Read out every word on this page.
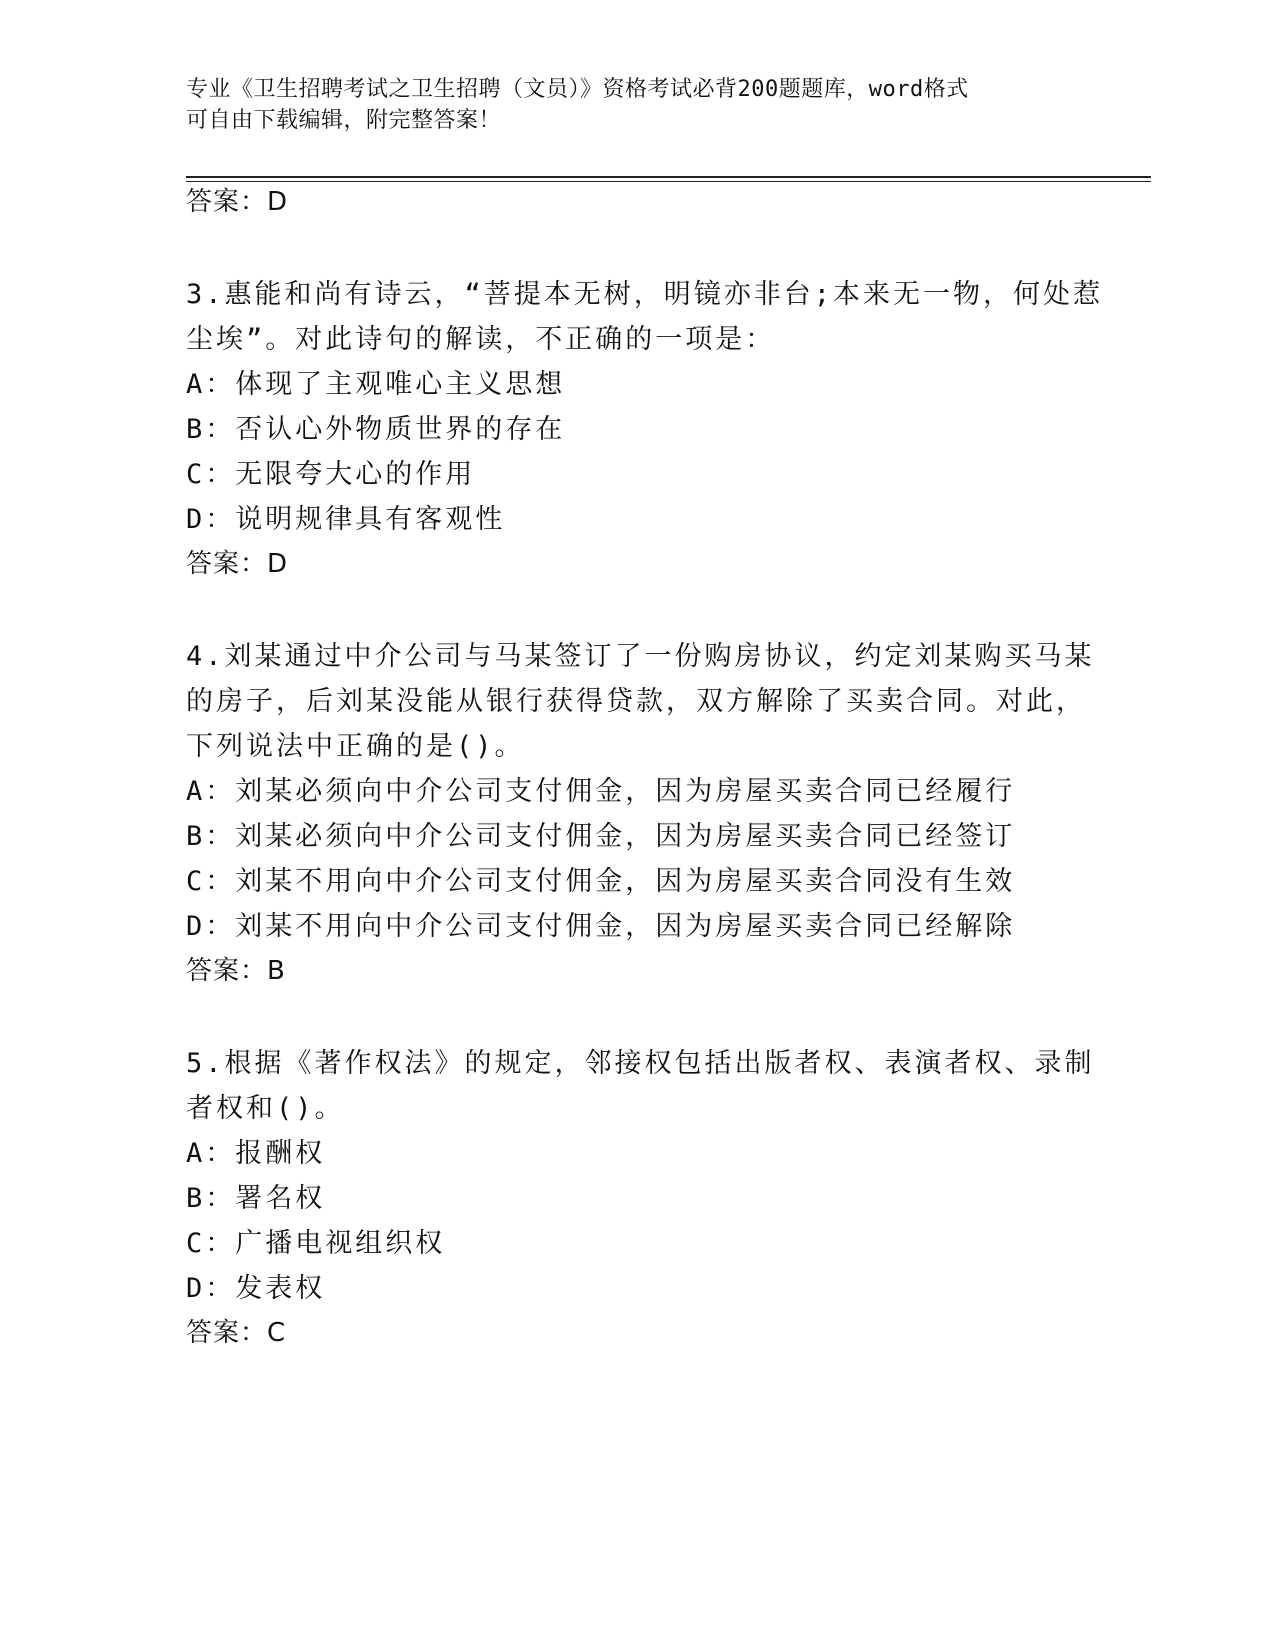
专业《卫生招聘考试之卫生招聘（文员）》资格考试必背200题题库，word格式
可自由下载编辑，附完整答案！
答案：D
3.惠能和尚有诗云，“菩提本无树，明镜亦非台;本来无一物，何处惹
尘埃”。对此诗句的解读，不正确的一项是：
A：体现了主观唯心主义思想
B：否认心外物质世界的存在
C：无限夸大心的作用
D：说明规律具有客观性
答案：D
4.刘某通过中介公司与马某签订了一份购房协议，约定刘某购买马某
的房子，后刘某没能从银行获得贷款，双方解除了买卖合同。对此，
下列说法中正确的是()。
A：刘某必须向中介公司支付佣金，因为房屋买卖合同已经履行
B：刘某必须向中介公司支付佣金，因为房屋买卖合同已经签订
C：刘某不用向中介公司支付佣金，因为房屋买卖合同没有生效
D：刘某不用向中介公司支付佣金，因为房屋买卖合同已经解除
答案：B
5.根据《著作权法》的规定，邻接权包括出版者权、表演者权、录制
者权和()。
A：报酬权
B：署名权
C：广播电视组织权
D：发表权
答案：C
